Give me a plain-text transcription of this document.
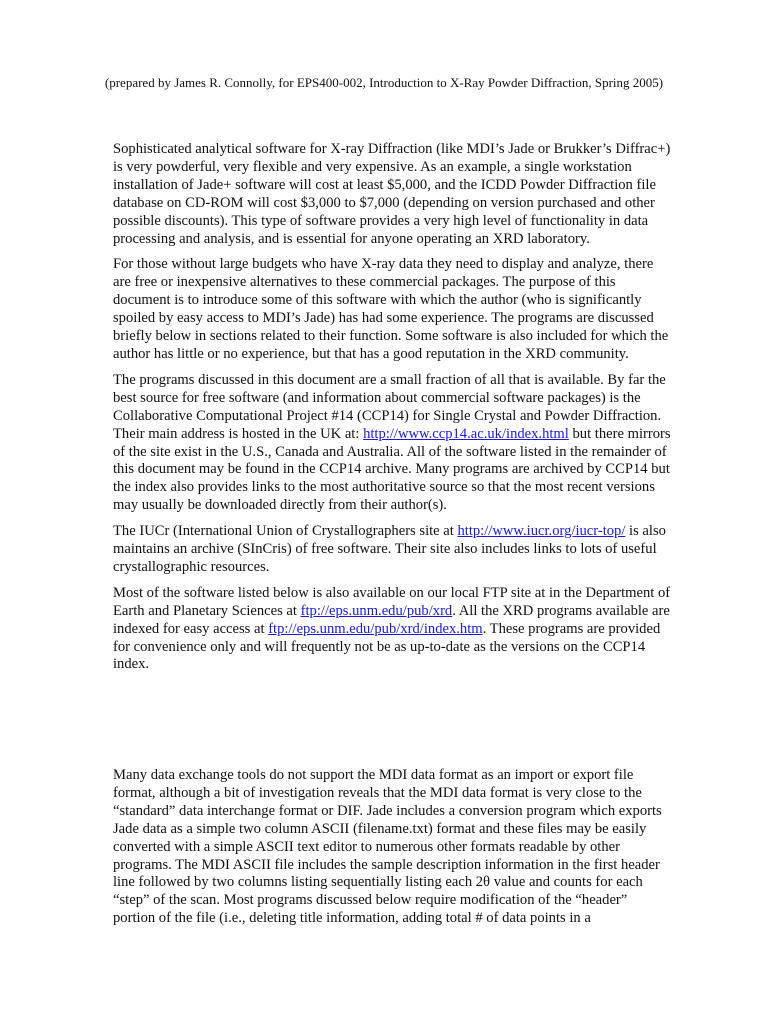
(prepared by James R. Connolly, for EPS400-002, Introduction to X-Ray Powder Diffraction, Spring 2005)

Sophisticated analytical software for X-ray Diffraction (like MDI’s Jade or Brukker’s Diffrac+) is very powderful, very flexible and very expensive. As an example, a single workstation installation of Jade+ software will cost at least $5,000, and the ICDD Powder Diffraction file database on CD-ROM will cost $3,000 to $7,000 (depending on version purchased and other possible discounts). This type of software provides a very high level of functionality in data processing and analysis, and is essential for anyone operating an XRD laboratory.

For those without large budgets who have X-ray data they need to display and analyze, there are free or inexpensive alternatives to these commercial packages. The purpose of this document is to introduce some of this software with which the author (who is significantly spoiled by easy access to MDI’s Jade) has had some experience. The programs are discussed briefly below in sections related to their function. Some software is also included for which the author has little or no experience, but that has a good reputation in the XRD community.

The programs discussed in this document are a small fraction of all that is available. By far the best source for free software (and information about commercial software packages) is the Collaborative Computational Project #14 (CCP14) for Single Crystal and Powder Diffraction. Their main address is hosted in the UK at: http://www.ccp14.ac.uk/index.html but there mirrors of the site exist in the U.S., Canada and Australia. All of the software listed in the remainder of this document may be found in the CCP14 archive. Many programs are archived by CCP14 but the index also provides links to the most authoritative source so that the most recent versions may usually be downloaded directly from their author(s).

The IUCr (International Union of Crystallographers site at http://www.iucr.org/iucr-top/ is also maintains an archive (SInCris) of free software. Their site also includes links to lots of useful crystallographic resources.

Most of the software listed below is also available on our local FTP site at in the Department of Earth and Planetary Sciences at ftp://eps.unm.edu/pub/xrd. All the XRD programs available are indexed for easy access at ftp://eps.unm.edu/pub/xrd/index.htm. These programs are provided for convenience only and will frequently not be as up-to-date as the versions on the CCP14 index.

Many data exchange tools do not support the MDI data format as an import or export file format, although a bit of investigation reveals that the MDI data format is very close to the “standard” data interchange format or DIF. Jade includes a conversion program which exports Jade data as a simple two column ASCII (filename.txt) format and these files may be easily converted with a simple ASCII text editor to numerous other formats readable by other programs. The MDI ASCII file includes the sample description information in the first header line followed by two columns listing sequentially listing each 2θ value and counts for each “step” of the scan. Most programs discussed below require modification of the “header” portion of the file (i.e., deleting title information, adding total # of data points in a
